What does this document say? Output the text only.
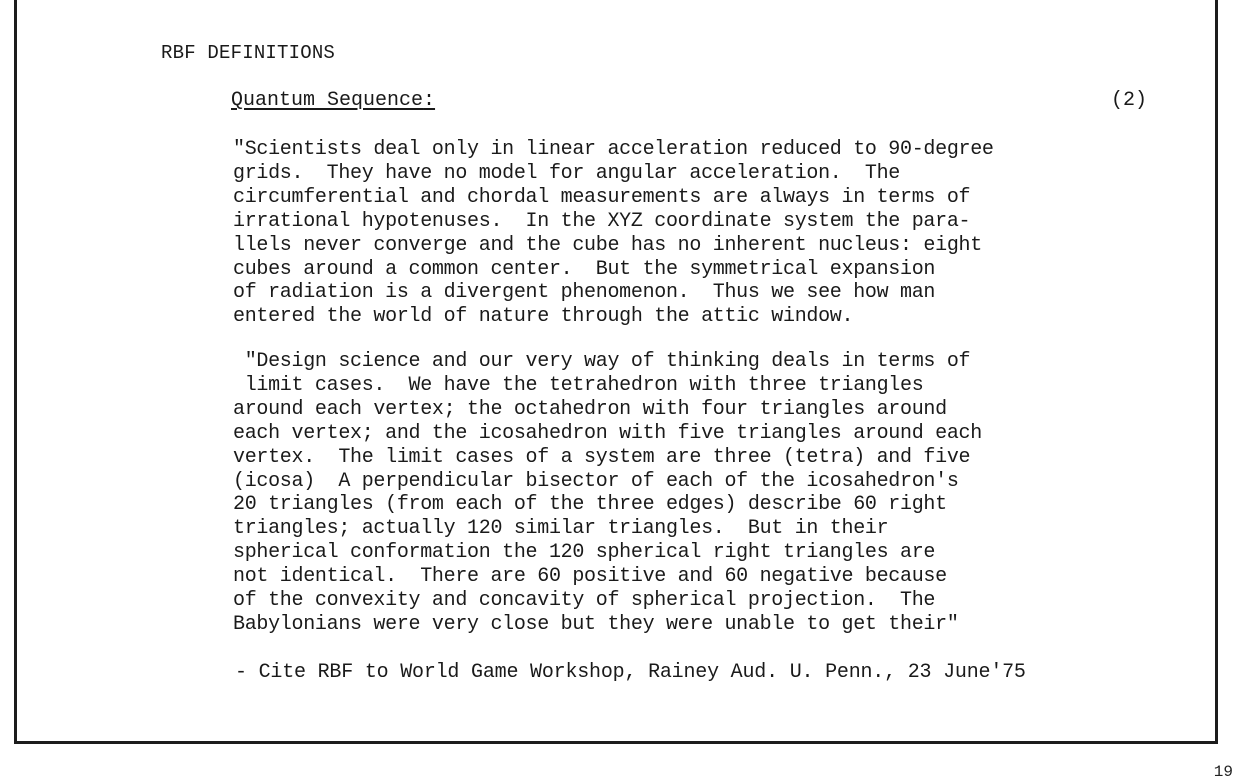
RBF DEFINITIONS
Quantum Sequence:	(2)
"Scientists deal only in linear acceleration reduced to 90-degree
grids.  They have no model for angular acceleration.  The
circumferential and chordal measurements are always in terms of
irrational hypotenuses.  In the XYZ coordinate system the para-
llels never converge and the cube has no inherent nucleus: eight
cubes around a common center.  But the symmetrical expansion
of radiation is a divergent phenomenon.  Thus we see how man
entered the world of nature through the attic window.
"Design science and our very way of thinking deals in terms of
limit cases.  We have the tetrahedron with three triangles
around each vertex; the octahedron with four triangles around
each vertex; and the icosahedron with five triangles around each
vertex.  The limit cases of a system are three (tetra) and five
(icosa)  A perpendicular bisector of each of the icosahedron's
20 triangles (from each of the three edges) describe 60 right
triangles; actually 120 similar triangles.  But in their
spherical conformation the 120 spherical right triangles are
not identical.  There are 60 positive and 60 negative because
of the convexity and concavity of spherical projection.  The
Babylonians were very close but they were unable to get their"
- Cite RBF to World Game Workshop, Rainey Aud. U. Penn., 23 June'75
19
